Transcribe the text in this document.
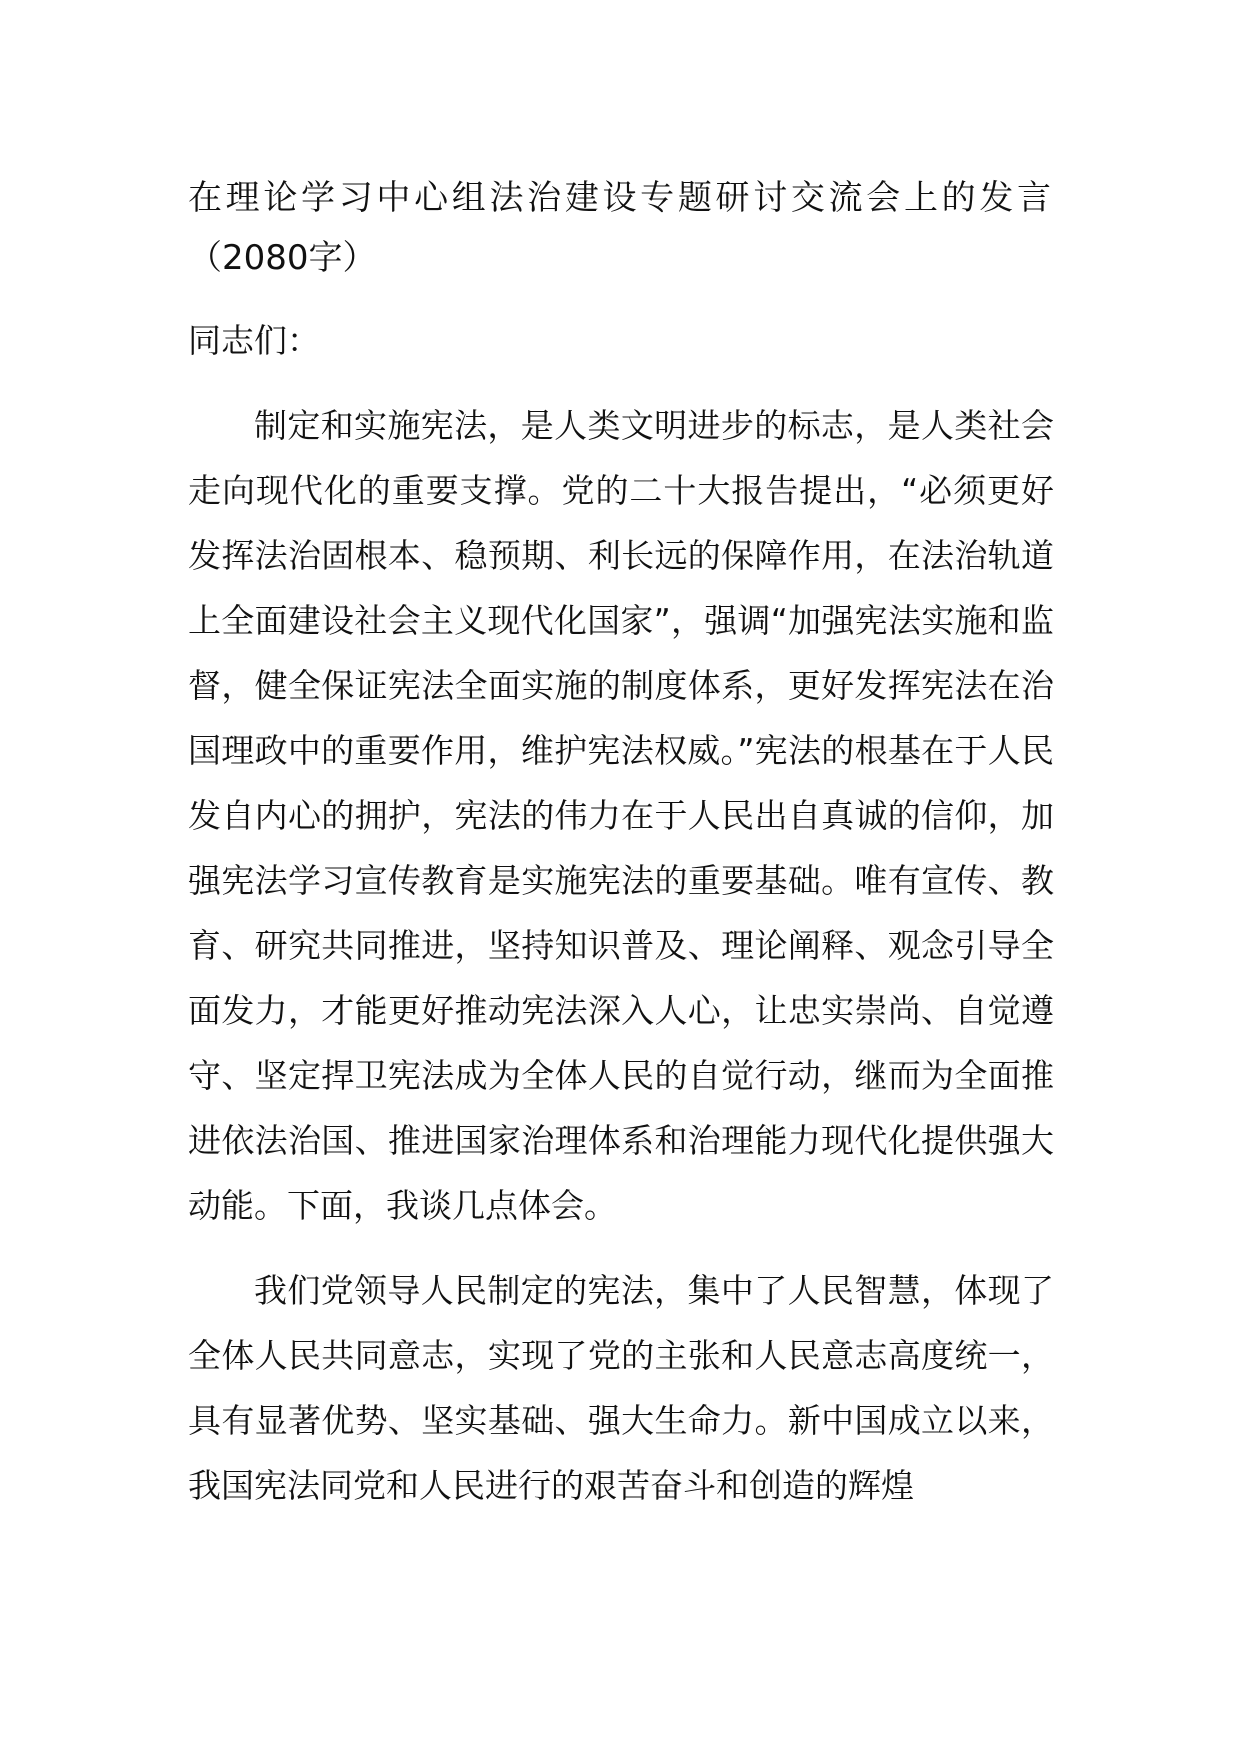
在理论学习中心组法治建设专题研讨交流会上的发言
（2080字）

同志们：

制定和实施宪法，是人类文明进步的标志，是人类社会走向现代化的重要支撑。党的二十大报告提出，“必须更好发挥法治固根本、稳预期、利长远的保障作用，在法治轨道上全面建设社会主义现代化国家”，强调“加强宪法实施和监督，健全保证宪法全面实施的制度体系，更好发挥宪法在治国理政中的重要作用，维护宪法权威。”宪法的根基在于人民发自内心的拥护，宪法的伟力在于人民出自真诚的信仰，加强宪法学习宣传教育是实施宪法的重要基础。唯有宣传、教育、研究共同推进，坚持知识普及、理论阐释、观念引导全面发力，才能更好推动宪法深入人心，让忠实崇尚、自觉遵守、坚定捍卫宪法成为全体人民的自觉行动，继而为全面推进依法治国、推进国家治理体系和治理能力现代化提供强大动能。下面，我谈几点体会。

我们党领导人民制定的宪法，集中了人民智慧，体现了全体人民共同意志，实现了党的主张和人民意志高度统一，具有显著优势、坚实基础、强大生命力。新中国成立以来，我国宪法同党和人民进行的艰苦奋斗和创造的辉煌
